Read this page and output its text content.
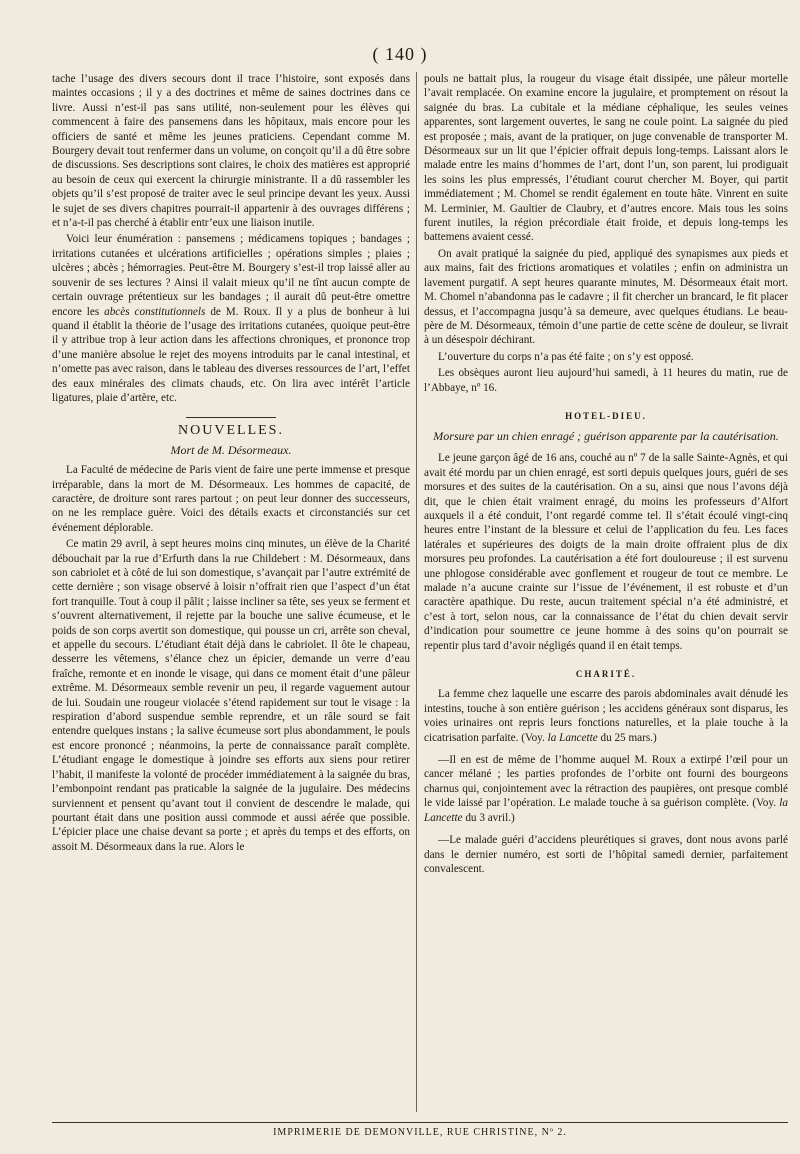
( 140 )

tache l’usage des divers secours dont il trace l’histoire, sont exposés dans maintes occasions ; il y a des doctrines et même de saines doctrines dans ce livre. Aussi n’est-il pas sans utilité, non-seulement pour les élèves qui commencent à faire des pansemens dans les hôpitaux, mais encore pour les officiers de santé et même les jeunes praticiens. Cependant comme M. Bourgery devait tout renfermer dans un volume, on conçoit qu’il a dû être sobre de discussions. Ses descriptions sont claires, le choix des matières est approprié au besoin de ceux qui exercent la chirurgie ministrante. Il a dû rassembler les objets qu’il s’est proposé de traiter avec le seul principe devant les yeux. Aussi le sujet de ses divers chapitres pourrait-il appartenir à des ouvrages différens ; et n’a-t-il pas cherché à établir entr’eux une liaison inutile.

Voici leur énumération : pansemens ; médicamens topiques ; bandages ; irritations cutanées et ulcérations artificielles ; opérations simples ; plaies ; ulcères ; abcès ; hémorragies. Peut-être M. Bourgery s’est-il trop laissé aller au souvenir de ses lectures ? Ainsi il valait mieux qu’il ne tînt aucun compte de certain ouvrage prétentieux sur les bandages ; il aurait dû peut-être omettre encore les abcès constitutionnels de M. Roux. Il y a plus de bonheur à lui quand il établit la théorie de l’usage des irritations cutanées, quoique peut-être il y attribue trop à leur action dans les affections chroniques, et prononce trop d’une manière absolue le rejet des moyens introduits par le canal intestinal, et n’omette pas avec raison, dans le tableau des diverses ressources de l’art, l’effet des eaux minérales des climats chauds, etc. On lira avec intérêt l’article ligatures, plaie d’artère, etc.

NOUVELLES.
Mort de M. Désormeaux.

La Faculté de médecine de Paris vient de faire une perte immense et presque irréparable, dans la mort de M. Désormeaux. Les hommes de capacité, de caractère, de droiture sont rares partout ; on peut leur donner des successeurs, on ne les remplace guère. Voici des détails exacts et circonstanciés sur cet événement déplorable.

Ce matin 29 avril, à sept heures moins cinq minutes, un élève de la Charité débouchait par la rue d’Erfurth dans la rue Childebert : M. Désormeaux, dans son cabriolet et à côté de lui son domestique, s’avançait par l’autre extrémité de cette dernière ; son visage observé à loisir n’offrait rien que l’aspect d’un état fort tranquille. Tout à coup il pâlit ; laisse incliner sa tête, ses yeux se ferment et s’ouvrent alternativement, il rejette par la bouche une salive écumeuse, et le poids de son corps avertit son domestique, qui pousse un cri, arrête son cheval, et appelle du secours. L’étudiant était déjà dans le cabriolet. Il ôte le chapeau, desserre les vêtemens, s’élance chez un épicier, demande un verre d’eau fraîche, remonte et en inonde le visage, qui dans ce moment était d’une pâleur extrême. M. Désormeaux semble revenir un peu, il regarde vaguement autour de lui. Soudain une rougeur violacée s’étend rapidement sur tout le visage : la respiration d’abord suspendue semble reprendre, et un râle sourd se fait entendre quelques instans ; la salive écumeuse sort plus abondamment, le pouls est encore prononcé ; néanmoins, la perte de connaissance paraît complète. L’étudiant engage le domestique à joindre ses efforts aux siens pour retirer l’habit, il manifeste la volonté de procéder immédiatement à la saignée du bras, l’embonpoint rendant pas praticable la saignée de la jugulaire. Des médecins surviennent et pensent qu’avant tout il convient de descendre le malade, qui pourtant était dans une position aussi commode et aussi aérée que possible. L’épicier place une chaise devant sa porte ; et après du temps et des efforts, on assoit M. Désormeaux dans la rue. Alors le

pouls ne battait plus, la rougeur du visage était dissipée, une pâleur mortelle l’avait remplacée. On examine encore la jugulaire, et promptement on résout la saignée du bras. La cubitale et la médiane céphalique, les seules veines apparentes, sont largement ouvertes, le sang ne coule point. La saignée du pied est proposée ; mais, avant de la pratiquer, on juge convenable de transporter M. Désormeaux sur un lit que l’épicier offrait depuis long-temps. Laissant alors le malade entre les mains d’hommes de l’art, dont l’un, son parent, lui prodiguait les soins les plus empressés, l’étudiant courut chercher M. Boyer, qui partit immédiatement ; M. Chomel se rendit également en toute hâte. Vinrent en suite M. Lerminier, M. Gaultier de Claubry, et d’autres encore. Mais tous les soins furent inutiles, la région précordiale était froide, et depuis long-temps les battemens avaient cessé.

On avait pratiqué la saignée du pied, appliqué des synapismes aux pieds et aux mains, fait des frictions aromatiques et volatiles ; enfin on administra un lavement purgatif. A sept heures quarante minutes, M. Désormeaux était mort. M. Chomel n’abandonna pas le cadavre ; il fit chercher un brancard, le fit placer dessus, et l’accompagna jusqu’à sa demeure, avec quelques étudians. Le beau-père de M. Désormeaux, témoin d’une partie de cette scène de douleur, se livrait à un désespoir déchirant.

L’ouverture du corps n’a pas été faite ; on s’y est opposé.

Les obsèques auront lieu aujourd’hui samedi, à 11 heures du matin, rue de l’Abbaye, nº 16.

HOTEL-DIEU.
Morsure par un chien enragé ; guérison apparente par la cautérisation.

Le jeune garçon âgé de 16 ans, couché au nº 7 de la salle Sainte-Agnès, et qui avait été mordu par un chien enragé, est sorti depuis quelques jours, guéri de ses morsures et des suites de la cautérisation. On a su, ainsi que nous l’avons déjà dit, que le chien était vraiment enragé, du moins les professeurs d’Alfort auxquels il a été conduit, l’ont regardé comme tel. Il s’était écoulé vingt-cinq heures entre l’instant de la blessure et celui de l’application du feu. Les faces latérales et supérieures des doigts de la main droite offraient plus de dix morsures peu profondes. La cautérisation a été fort douloureuse ; il est survenu une phlogose considérable avec gonflement et rougeur de tout ce membre. Le malade n’a aucune crainte sur l’issue de l’événement, il est robuste et d’un caractère apathique. Du reste, aucun traitement spécial n’a été administré, et c’est à tort, selon nous, car la connaissance de l’état du chien devait servir d’indication pour soumettre ce jeune homme à des soins qu’on pourrait se repentir plus tard d’avoir négligés quand il en était temps.

CHARITÉ.

La femme chez laquelle une escarre des parois abdominales avait dénudé les intestins, touche à son entière guérison ; les accidens généraux sont disparus, les voies urinaires ont repris leurs fonctions naturelles, et la plaie touche à la cicatrisation parfaite. (Voy. la Lancette du 25 mars.)

—Il en est de même de l’homme auquel M. Roux a extirpé l’œil pour un cancer mélané ; les parties profondes de l’orbite ont fourni des bourgeons charnus qui, conjointement avec la rétraction des paupières, ont presque comblé le vide laissé par l’opération. Le malade touche à sa guérison complète. (Voy. la Lancette du 3 avril.)

—Le malade guéri d’accidens pleurétiques si graves, dont nous avons parlé dans le dernier numéro, est sorti de l’hôpital samedi dernier, parfaitement convalescent.

IMPRIMERIE DE DEMONVILLE, RUE CHRISTINE, Nº 2.
